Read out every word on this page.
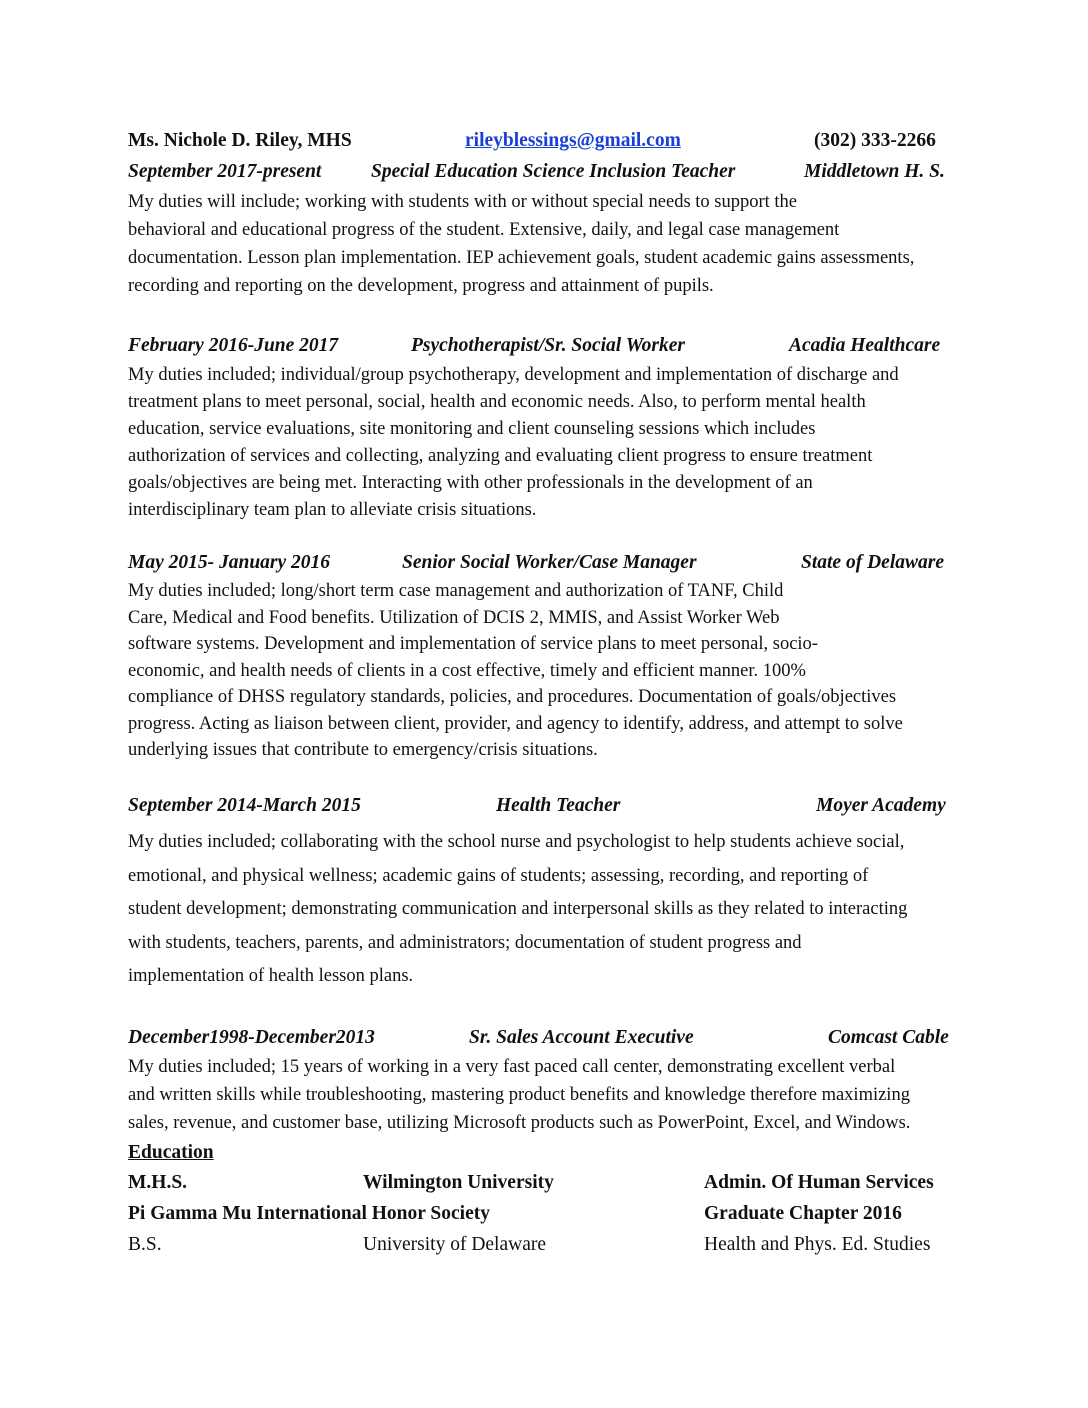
Ms. Nichole D. Riley, MHS	rileyblessings@gmail.com	(302) 333-2266
September 2017-present	Special Education Science Inclusion Teacher	Middletown H. S.
My duties will include; working with students with or without special needs to support the
behavioral and educational progress of the student. Extensive, daily, and legal case management
documentation. Lesson plan implementation. IEP achievement goals, student academic gains assessments,
recording and reporting on the development, progress and attainment of pupils.
February 2016-June 2017	Psychotherapist/Sr. Social Worker	Acadia Healthcare
My duties included; individual/group psychotherapy, development and implementation of discharge and
treatment plans to meet personal, social, health and economic needs. Also, to perform mental health
education, service evaluations, site monitoring and client counseling sessions which includes
authorization of services and collecting, analyzing and evaluating client progress to ensure treatment
goals/objectives are being met. Interacting with other professionals in the development of an
interdisciplinary team plan to alleviate crisis situations.
May 2015- January 2016	Senior Social Worker/Case Manager	State of Delaware
My duties included; long/short term case management and authorization of TANF, Child
Care, Medical and Food benefits. Utilization of DCIS 2, MMIS, and Assist Worker Web
software systems. Development and implementation of service plans to meet personal, socio-
economic, and health needs of clients in a cost effective, timely and efficient manner. 100%
compliance of DHSS regulatory standards, policies, and procedures. Documentation of goals/objectives
progress. Acting as liaison between client, provider, and agency to identify, address, and attempt to solve
underlying issues that contribute to emergency/crisis situations.
September 2014-March 2015	Health Teacher	Moyer Academy
My duties included; collaborating with the school nurse and psychologist to help students achieve social,
emotional, and physical wellness; academic gains of students; assessing, recording, and reporting of
student development; demonstrating communication and interpersonal skills as they related to interacting
with students, teachers, parents, and administrators; documentation of student progress and
implementation of health lesson plans.
December1998-December2013	Sr. Sales Account Executive	Comcast Cable
My duties included; 15 years of working in a very fast paced call center, demonstrating excellent verbal
and written skills while troubleshooting, mastering product benefits and knowledge therefore maximizing
sales, revenue, and customer base, utilizing Microsoft products such as PowerPoint, Excel, and Windows.
Education
M.H.S.	Wilmington University	Admin. Of Human Services
Pi Gamma Mu International Honor Society	Graduate Chapter 2016
B.S.	University of Delaware	Health and Phys. Ed. Studies
